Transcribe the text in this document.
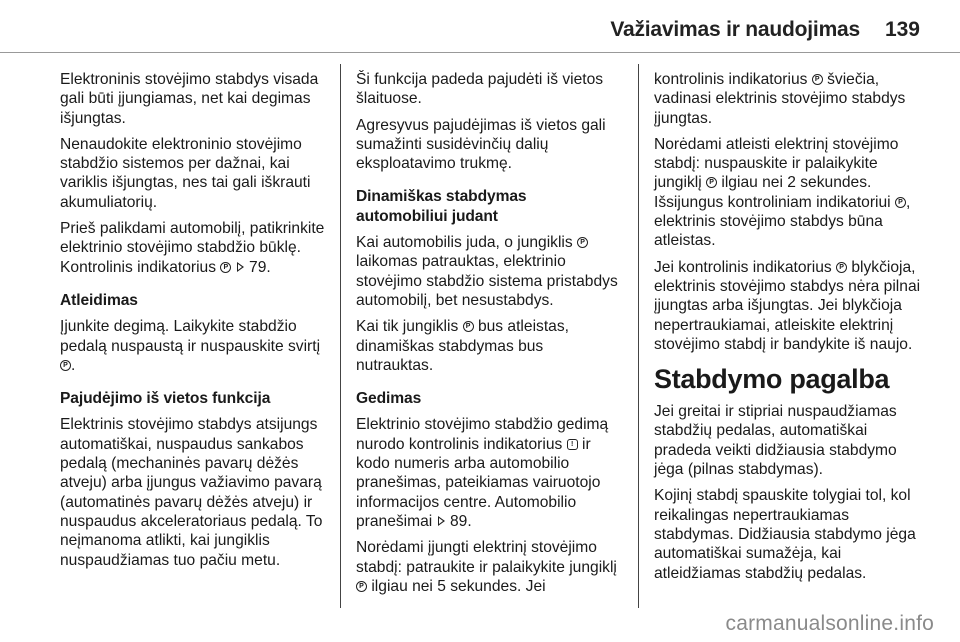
Važiavimas ir naudojimas 139

Elektroninis stovėjimo stabdys visada gali būti įjungiamas, net kai degimas išjungtas.

Nenaudokite elektroninio stovėjimo stabdžio sistemos per dažnai, kai variklis išjungtas, nes tai gali iškrauti akumuliatorių.

Prieš palikdami automobilį, patikrinkite elektrinio stovėjimo stabdžio būklę. Kontrolinis indikatorius P 79.

Atleidimas

Įjunkite degimą. Laikykite stabdžio pedalą nuspaustą ir nuspauskite svirtį P.

Pajudėjimo iš vietos funkcija

Elektrinis stovėjimo stabdys atsijungs automatiškai, nuspaudus sankabos pedalą (mechaninės pavarų dėžės atveju) arba įjungus važiavimo pavarą (automatinės pavarų dėžės atveju) ir nuspaudus akceleratoriaus pedalą. To neįmanoma atlikti, kai jungiklis nuspaudžiamas tuo pačiu metu.

Ši funkcija padeda pajudėti iš vietos šlaituose.

Agresyvus pajudėjimas iš vietos gali sumažinti susidėvinčių dalių eksploatavimo trukmę.

Dinamiškas stabdymas automobiliui judant

Kai automobilis juda, o jungiklis P laikomas patrauktas, elektrinio stovėjimo stabdžio sistema pristabdys automobilį, bet nesustabdys.

Kai tik jungiklis P bus atleistas, dinamiškas stabdymas bus nutrauktas.

Gedimas

Elektrinio stovėjimo stabdžio gedimą nurodo kontrolinis indikatorius ! ir kodo numeris arba automobilio pranešimas, pateikiamas vairuotojo informacijos centre. Automobilio pranešimai 89.

Norėdami įjungti elektrinį stovėjimo stabdį: patraukite ir palaikykite jungiklį P ilgiau nei 5 sekundes. Jei

kontrolinis indikatorius P šviečia, vadinasi elektrinis stovėjimo stabdys įjungtas.

Norėdami atleisti elektrinį stovėjimo stabdį: nuspauskite ir palaikykite jungiklį P ilgiau nei 2 sekundes. Išsijungus kontroliniam indikatoriui P , elektrinis stovėjimo stabdys būna atleistas.

Jei kontrolinis indikatorius P blykčioja, elektrinis stovėjimo stabdys nėra pilnai įjungtas arba išjungtas. Jei blykčioja nepertraukiamai, atleiskite elektrinį stovėjimo stabdį ir bandykite iš naujo.

Stabdymo pagalba

Jei greitai ir stipriai nuspaudžiamas stabdžių pedalas, automatiškai pradeda veikti didžiausia stabdymo jėga (pilnas stabdymas).

Kojinį stabdį spauskite tolygiai tol, kol reikalingas nepertraukiamas stabdymas. Didžiausia stabdymo jėga automatiškai sumažėja, kai atleidžiamas stabdžių pedalas.

carmanualsonline.info
